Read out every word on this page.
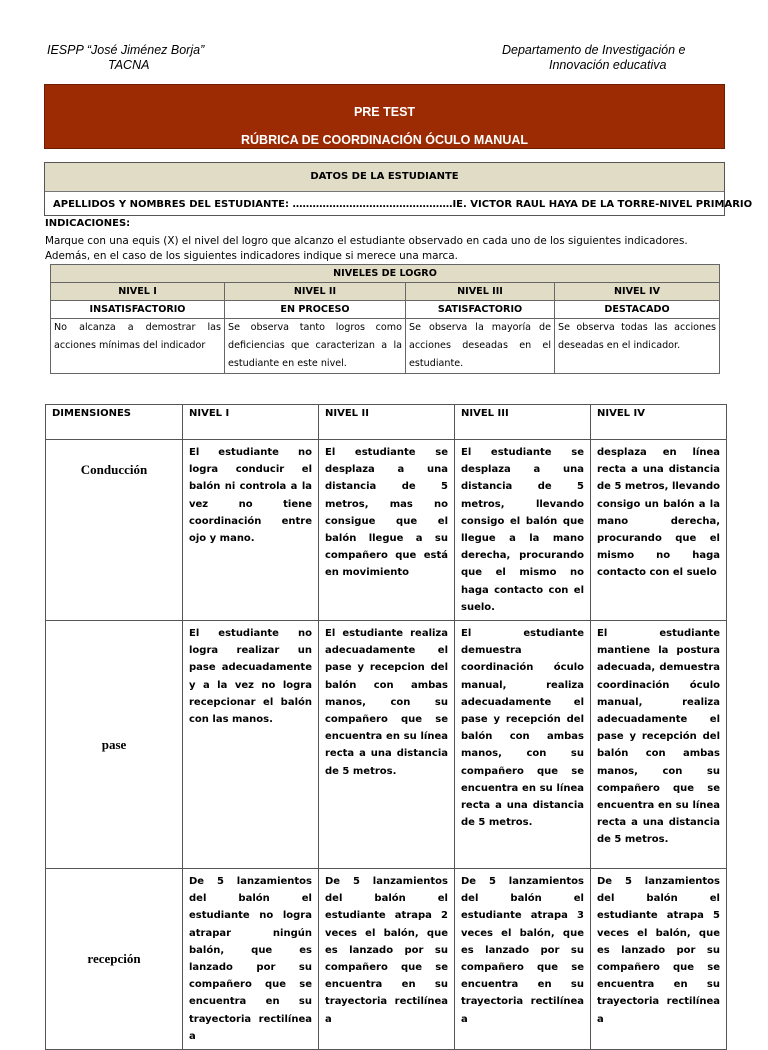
IESPP “José Jiménez Borja”
TACNA
Departamento de Investigación e
Innovación educativa
PRE TEST
RÚBRICA DE COORDINACIÓN ÓCULO MANUAL
DATOS DE LA ESTUDIANTE
APELLIDOS Y NOMBRES DEL ESTUDIANTE: …………………………………………IE. VICTOR RAUL HAYA DE LA TORRE-NIVEL PRIMARIO
INDICACIONES:
Marque con una equis (X) el nivel del logro que alcanzo el estudiante observado en cada uno de los siguientes indicadores. Además, en el caso de los siguientes indicadores indique si merece una marca.
NIVELES DE LOGRO			
NIVEL I	NIVEL II	NIVEL III	NIVEL IV
INSATISFACTORIO	EN PROCESO	SATISFACTORIO	DESTACADO
No alcanza a demostrar las acciones mínimas del indicador	Se observa tanto logros como deficiencias que caracterizan a la estudiante en este nivel.	Se observa la mayoría de acciones deseadas en el estudiante.	Se observa todas las acciones deseadas en el indicador.
DIMENSIONES	NIVEL I	NIVEL II	NIVEL III	NIVEL IV
Conducción	El estudiante no logra conducir el balón ni controla a la vez no tiene coordinación entre ojo y mano.	El estudiante se desplaza a una distancia de 5 metros, mas no consigue que el balón llegue a su compañero que está en movimiento	El estudiante se desplaza a una distancia de 5 metros, llevando consigo el balón que llegue a la mano derecha, procurando que el mismo no haga contacto con el suelo.	desplaza en línea recta a una distancia de 5 metros, llevando consigo un balón a la mano derecha, procurando que el mismo no haga contacto con el suelo
pase	El estudiante no logra realizar un pase adecuadamente y a la vez no logra recepcionar el balón con las manos.	El estudiante realiza adecuadamente el pase y recepcion del balón con ambas manos, con su compañero que se encuentra en su línea recta a una distancia de 5 metros.	El estudiante demuestra coordinación óculo manual, realiza adecuadamente el pase y recepción del balón con ambas manos, con su compañero que se encuentra en su línea recta a una distancia de 5 metros.	El estudiante mantiene la postura adecuada, demuestra coordinación óculo manual, realiza adecuadamente el pase y recepción del balón con ambas manos, con su compañero que se encuentra en su línea recta a una distancia de 5 metros.
recepción	De 5 lanzamientos del balón el estudiante no logra atrapar ningún balón, que es lanzado por su compañero que se encuentra en su trayectoria rectilínea a	De 5 lanzamientos del balón el estudiante atrapa 2 veces el balón, que es lanzado por su compañero que se encuentra en su trayectoria rectilínea a	De 5 lanzamientos del balón el estudiante atrapa 3 veces el balón, que es lanzado por su compañero que se encuentra en su trayectoria rectilínea a	De 5 lanzamientos del balón el estudiante atrapa 5 veces el balón, que es lanzado por su compañero que se encuentra en su trayectoria rectilínea a
